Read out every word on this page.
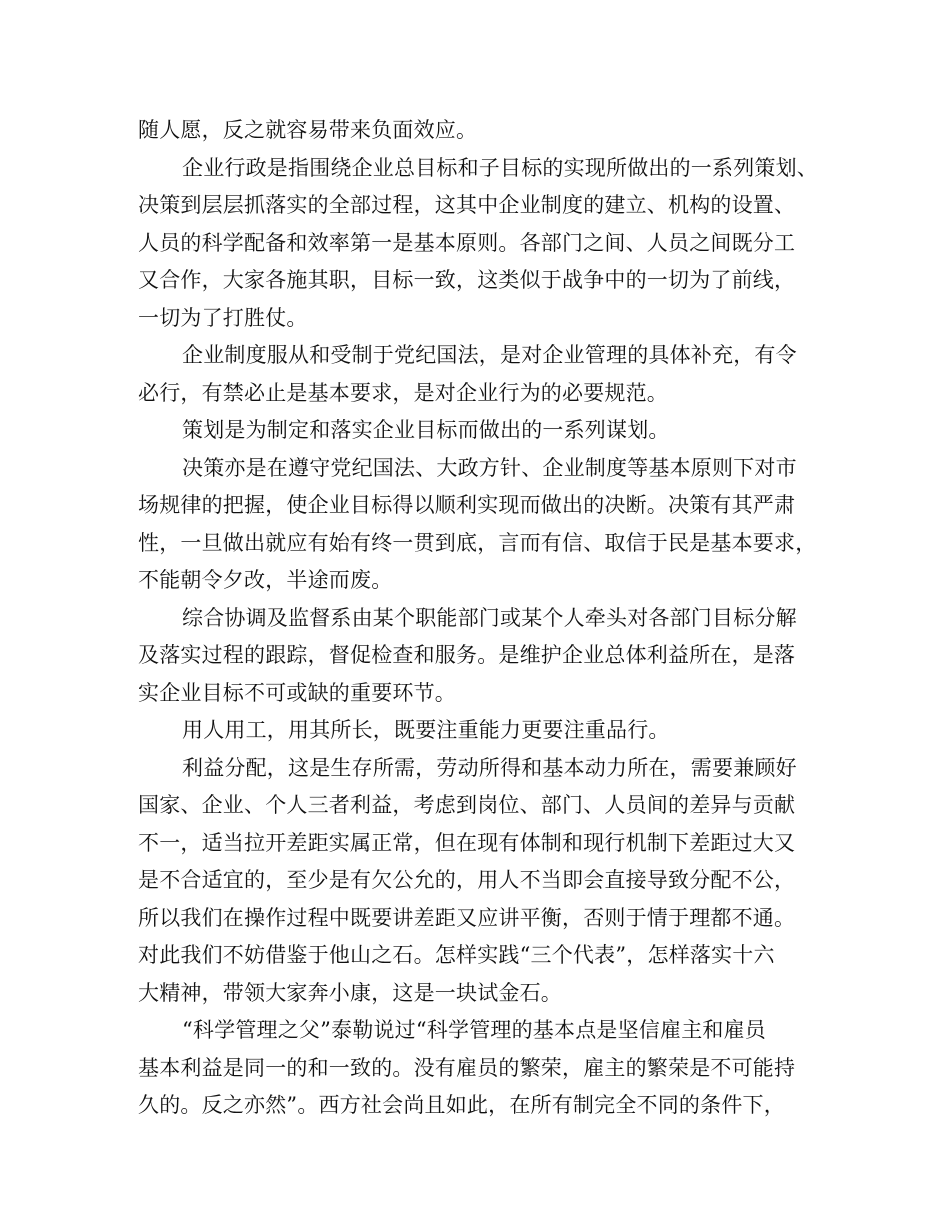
随人愿，反之就容易带来负面效应。
企业行政是指围绕企业总目标和子目标的实现所做出的一系列策划、
决策到层层抓落实的全部过程，这其中企业制度的建立、机构的设置、
人员的科学配备和效率第一是基本原则。各部门之间、人员之间既分工
又合作，大家各施其职，目标一致，这类似于战争中的一切为了前线，
一切为了打胜仗。
企业制度服从和受制于党纪国法，是对企业管理的具体补充，有令
必行，有禁必止是基本要求，是对企业行为的必要规范。
策划是为制定和落实企业目标而做出的一系列谋划。
决策亦是在遵守党纪国法、大政方针、企业制度等基本原则下对市
场规律的把握，使企业目标得以顺利实现而做出的决断。决策有其严肃
性，一旦做出就应有始有终一贯到底，言而有信、取信于民是基本要求，
不能朝令夕改，半途而废。
综合协调及监督系由某个职能部门或某个人牵头对各部门目标分解
及落实过程的跟踪，督促检查和服务。是维护企业总体利益所在，是落
实企业目标不可或缺的重要环节。
用人用工，用其所长，既要注重能力更要注重品行。
利益分配，这是生存所需，劳动所得和基本动力所在，需要兼顾好
国家、企业、个人三者利益，考虑到岗位、部门、人员间的差异与贡献
不一，适当拉开差距实属正常，但在现有体制和现行机制下差距过大又
是不合适宜的，至少是有欠公允的，用人不当即会直接导致分配不公，
所以我们在操作过程中既要讲差距又应讲平衡，否则于情于理都不通。
对此我们不妨借鉴于他山之石。怎样实践“三个代表”，怎样落实十六
大精神，带领大家奔小康，这是一块试金石。
“科学管理之父”泰勒说过“科学管理的基本点是坚信雇主和雇员
基本利益是同一的和一致的。没有雇员的繁荣，雇主的繁荣是不可能持
久的。反之亦然”。西方社会尚且如此，在所有制完全不同的条件下，
